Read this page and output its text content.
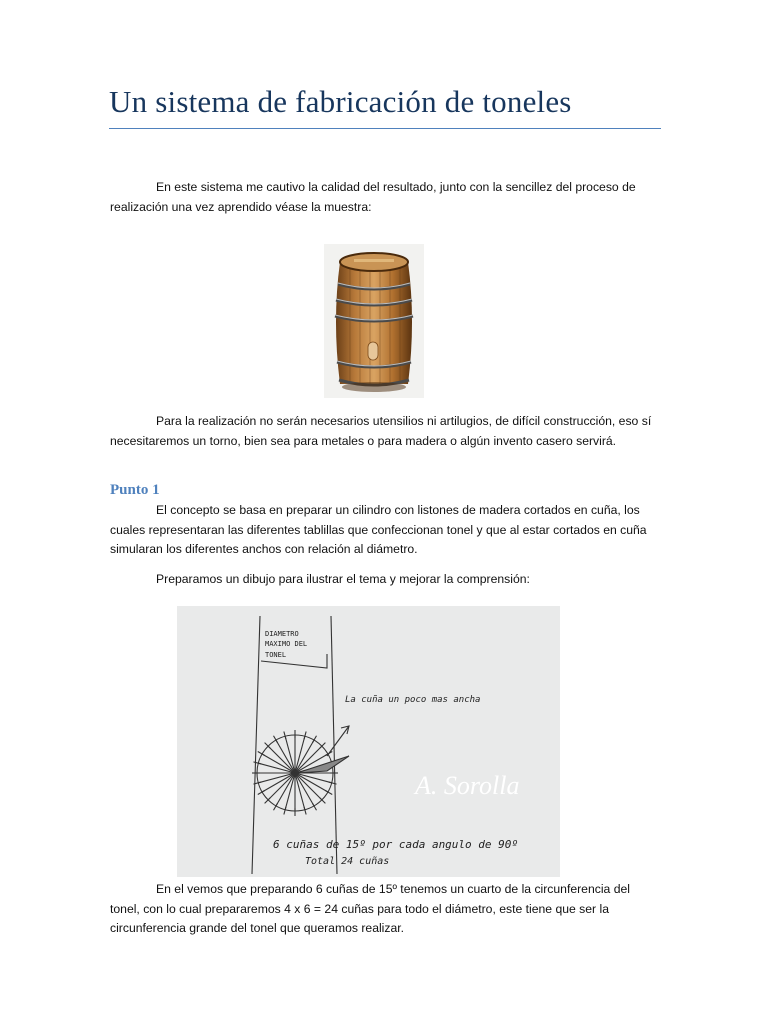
Un sistema de fabricación de toneles

En este sistema me cautivo la calidad del resultado, junto con la sencillez del proceso de realización una vez aprendido véase la muestra:

Para la realización no serán necesarios utensilios ni artilugios, de difícil construcción, eso sí necesitaremos un torno, bien sea para metales o para madera o algún invento casero servirá.

Punto 1

El concepto se basa en preparar un cilindro con listones de madera cortados en cuña, los cuales representaran las diferentes tablillas que confeccionan tonel y que al estar cortados en cuña simularan los diferentes anchos con relación al diámetro.

Preparamos un dibujo para ilustrar el tema y mejorar la comprensión:

DIAMETRO
MAXIMO DEL
TONEL
La cuña un poco mas ancha
A. Sorolla
6 cuñas de 15º por cada angulo de 90º
Total 24 cuñas

En el vemos que preparando 6 cuñas de 15º tenemos un cuarto de la circunferencia del tonel, con lo cual prepararemos 4 x 6 = 24 cuñas para todo el diámetro, este tiene que ser la circunferencia grande del tonel que queramos realizar.
